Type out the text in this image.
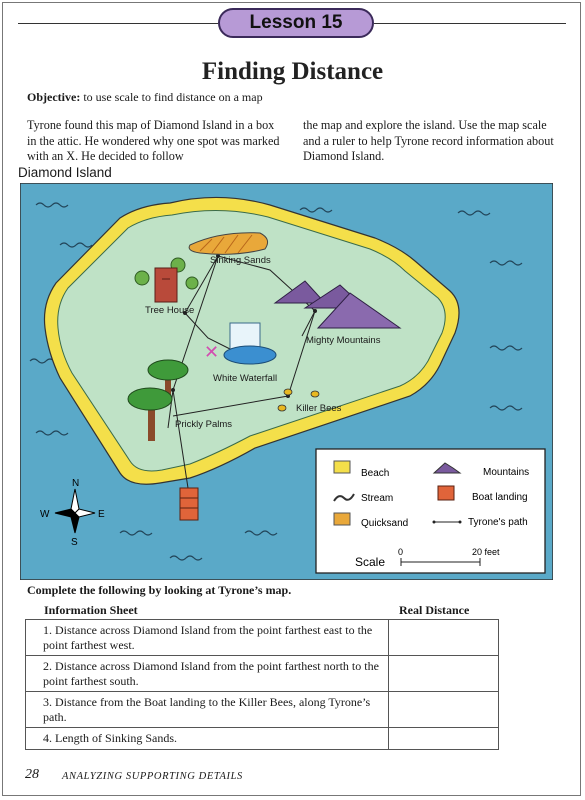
Lesson 15
Finding Distance
Objective: to use scale to find distance on a map
Tyrone found this map of Diamond Island in a box in the attic. He wondered why one spot was marked with an X. He decided to follow
the map and explore the island. Use the map scale and a ruler to help Tyrone record information about Diamond Island.
Diamond Island
✕
Sinking Sands
Tree House
Mighty Mountains
White Waterfall
Killer Bees
Prickly Palms
N
S
E
W
Beach	Mountains
Stream	Boat landing
Quicksand	Tyrone's path
Scale
0	20 feet
Complete the following by looking at Tyrone’s map.
Information Sheet	Real Distance
1. Distance across Diamond Island from the point farthest east to the point farthest west.	
2. Distance across Diamond Island from the point farthest north to the point farthest south.	
3. Distance from the Boat landing to the Killer Bees, along Tyrone’s path.	
4. Length of Sinking Sands.	
28 ANALYZING SUPPORTING DETAILS
